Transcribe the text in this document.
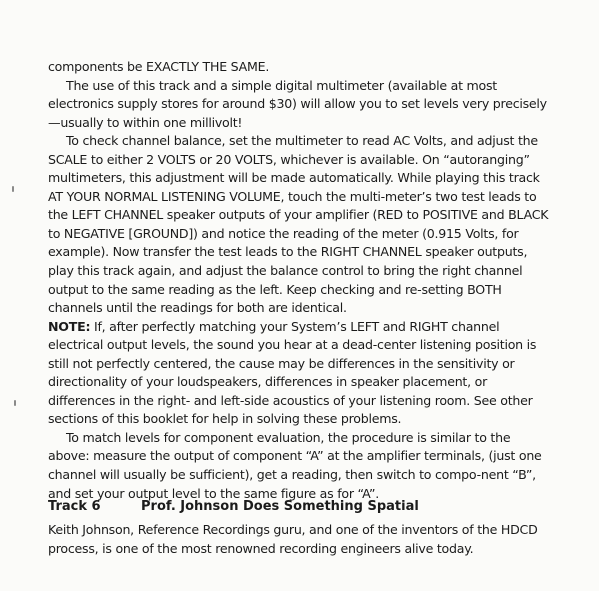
components be EXACTLY THE SAME.

The use of this track and a simple digital multimeter (available at most electronics supply stores for around $30) will allow you to set levels very precisely—usually to within one millivolt!

To check channel balance, set the multimeter to read AC Volts, and adjust the SCALE to either 2 VOLTS or 20 VOLTS, whichever is available. On “autoranging” multimeters, this adjustment will be made automatically. While playing this track AT YOUR NORMAL LISTENING VOLUME, touch the multi-meter’s two test leads to the LEFT CHANNEL speaker outputs of your amplifier (RED to POSITIVE and BLACK to NEGATIVE [GROUND]) and notice the reading of the meter (0.915 Volts, for example). Now transfer the test leads to the RIGHT CHANNEL speaker outputs, play this track again, and adjust the balance control to bring the right channel output to the same reading as the left. Keep checking and re-setting BOTH channels until the readings for both are identical.

NOTE: If, after perfectly matching your System’s LEFT and RIGHT channel electrical output levels, the sound you hear at a dead-center listening position is still not perfectly centered, the cause may be differences in the sensitivity or directionality of your loudspeakers, differences in speaker placement, or differences in the right- and left-side acoustics of your listening room. See other sections of this booklet for help in solving these problems.

To match levels for component evaluation, the procedure is similar to the above: measure the output of component “A” at the amplifier terminals, (just one channel will usually be sufficient), get a reading, then switch to compo-nent “B”, and set your output level to the same figure as for “A”.

Track 6	Prof. Johnson Does Something Spatial

Keith Johnson, Reference Recordings guru, and one of the inventors of the HDCD process, is one of the most renowned recording engineers alive today.
